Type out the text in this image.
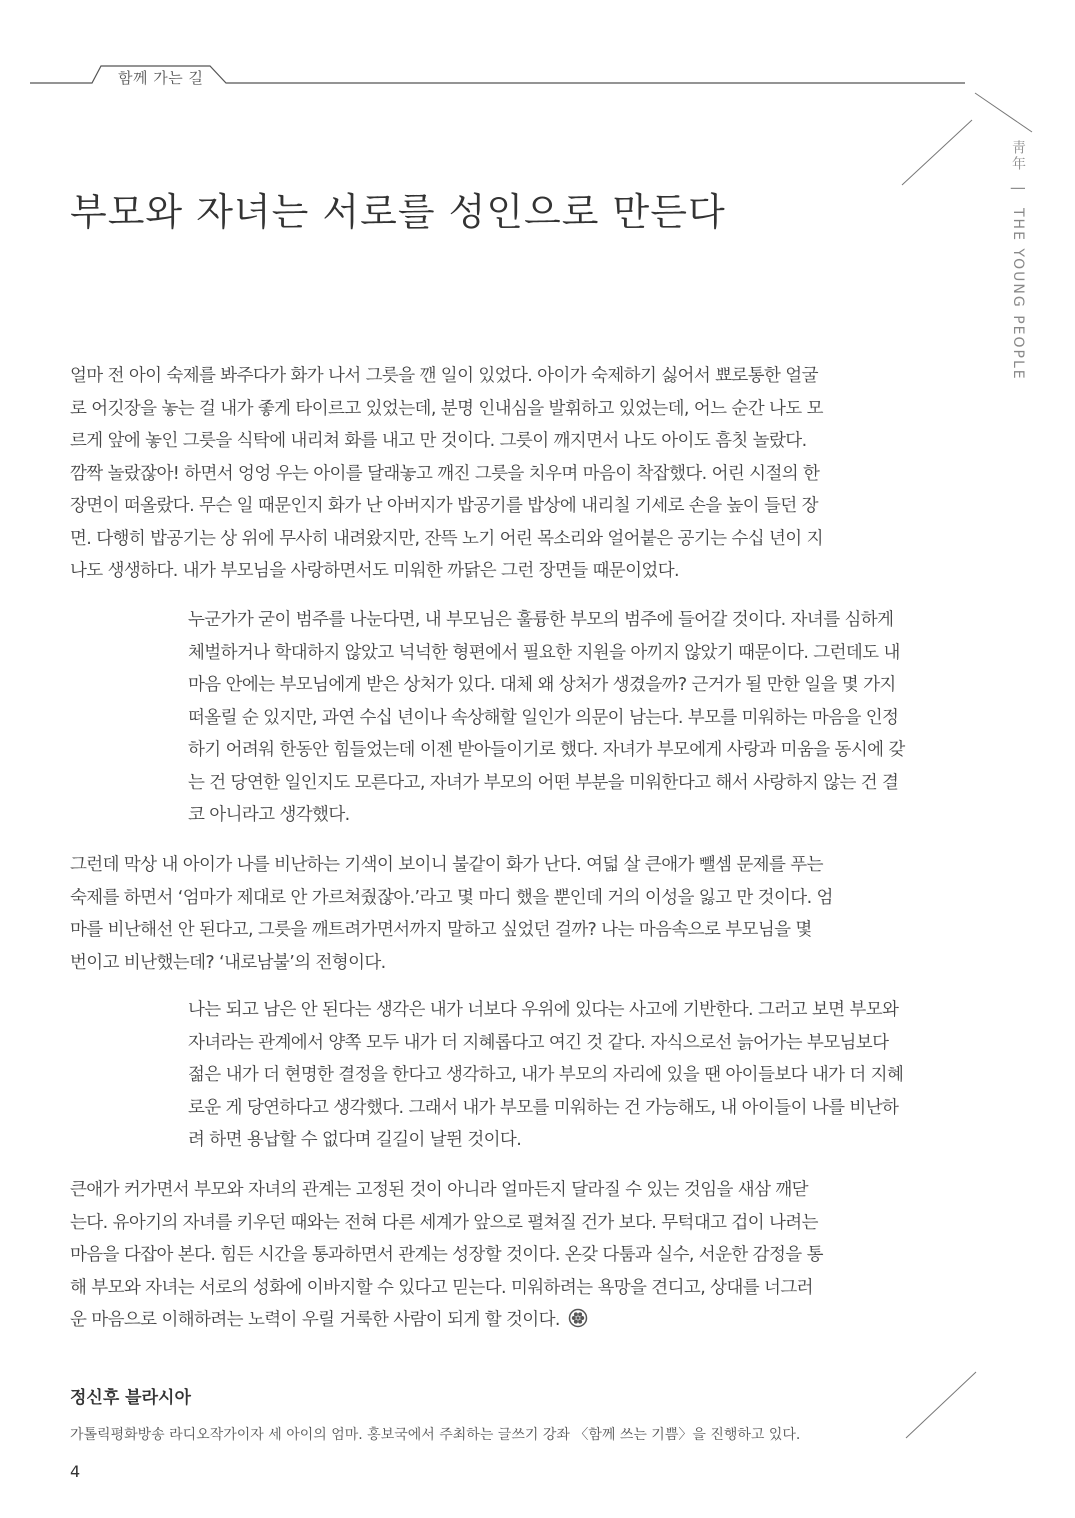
함께 가는 길
靑年 | THE YOUNG PEOPLE
부모와 자녀는 서로를 성인으로 만든다
얼마 전 아이 숙제를 봐주다가 화가 나서 그릇을 깬 일이 있었다. 아이가 숙제하기 싫어서 뾰로통한 얼굴
로 어깃장을 놓는 걸 내가 좋게 타이르고 있었는데, 분명 인내심을 발휘하고 있었는데, 어느 순간 나도 모
르게 앞에 놓인 그릇을 식탁에 내리쳐 화를 내고 만 것이다. 그릇이 깨지면서 나도 아이도 흠칫 놀랐다.
깜짝 놀랐잖아! 하면서 엉엉 우는 아이를 달래놓고 깨진 그릇을 치우며 마음이 착잡했다. 어린 시절의 한
장면이 떠올랐다. 무슨 일 때문인지 화가 난 아버지가 밥공기를 밥상에 내리칠 기세로 손을 높이 들던 장
면. 다행히 밥공기는 상 위에 무사히 내려왔지만, 잔뜩 노기 어린 목소리와 얼어붙은 공기는 수십 년이 지
나도 생생하다. 내가 부모님을 사랑하면서도 미워한 까닭은 그런 장면들 때문이었다.
누군가가 굳이 범주를 나눈다면, 내 부모님은 훌륭한 부모의 범주에 들어갈 것이다. 자녀를 심하게
체벌하거나 학대하지 않았고 넉넉한 형편에서 필요한 지원을 아끼지 않았기 때문이다. 그런데도 내
마음 안에는 부모님에게 받은 상처가 있다. 대체 왜 상처가 생겼을까? 근거가 될 만한 일을 몇 가지
떠올릴 순 있지만, 과연 수십 년이나 속상해할 일인가 의문이 남는다. 부모를 미워하는 마음을 인정
하기 어려워 한동안 힘들었는데 이젠 받아들이기로 했다. 자녀가 부모에게 사랑과 미움을 동시에 갖
는 건 당연한 일인지도 모른다고, 자녀가 부모의 어떤 부분을 미워한다고 해서 사랑하지 않는 건 결
코 아니라고 생각했다.
그런데 막상 내 아이가 나를 비난하는 기색이 보이니 불같이 화가 난다. 여덟 살 큰애가 뺄셈 문제를 푸는
숙제를 하면서 ‘엄마가 제대로 안 가르쳐줬잖아.’라고 몇 마디 했을 뿐인데 거의 이성을 잃고 만 것이다. 엄
마를 비난해선 안 된다고, 그릇을 깨트려가면서까지 말하고 싶었던 걸까? 나는 마음속으로 부모님을 몇
번이고 비난했는데? ‘내로남불’의 전형이다.
나는 되고 남은 안 된다는 생각은 내가 너보다 우위에 있다는 사고에 기반한다. 그러고 보면 부모와
자녀라는 관계에서 양쪽 모두 내가 더 지혜롭다고 여긴 것 같다. 자식으로선 늙어가는 부모님보다
젊은 내가 더 현명한 결정을 한다고 생각하고, 내가 부모의 자리에 있을 땐 아이들보다 내가 더 지혜
로운 게 당연하다고 생각했다. 그래서 내가 부모를 미워하는 건 가능해도, 내 아이들이 나를 비난하
려 하면 용납할 수 없다며 길길이 날뛴 것이다.
큰애가 커가면서 부모와 자녀의 관계는 고정된 것이 아니라 얼마든지 달라질 수 있는 것임을 새삼 깨닫
는다. 유아기의 자녀를 키우던 때와는 전혀 다른 세계가 앞으로 펼쳐질 건가 보다. 무턱대고 겁이 나려는
마음을 다잡아 본다. 힘든 시간을 통과하면서 관계는 성장할 것이다. 온갖 다툼과 실수, 서운한 감정을 통
해 부모와 자녀는 서로의 성화에 이바지할 수 있다고 믿는다. 미워하려는 욕망을 견디고, 상대를 너그러
운 마음으로 이해하려는 노력이 우릴 거룩한 사람이 되게 할 것이다.
정신후 블라시아
가톨릭평화방송 라디오작가이자 세 아이의 엄마. 홍보국에서 주최하는 글쓰기 강좌 〈함께 쓰는 기쁨〉을 진행하고 있다.
4
